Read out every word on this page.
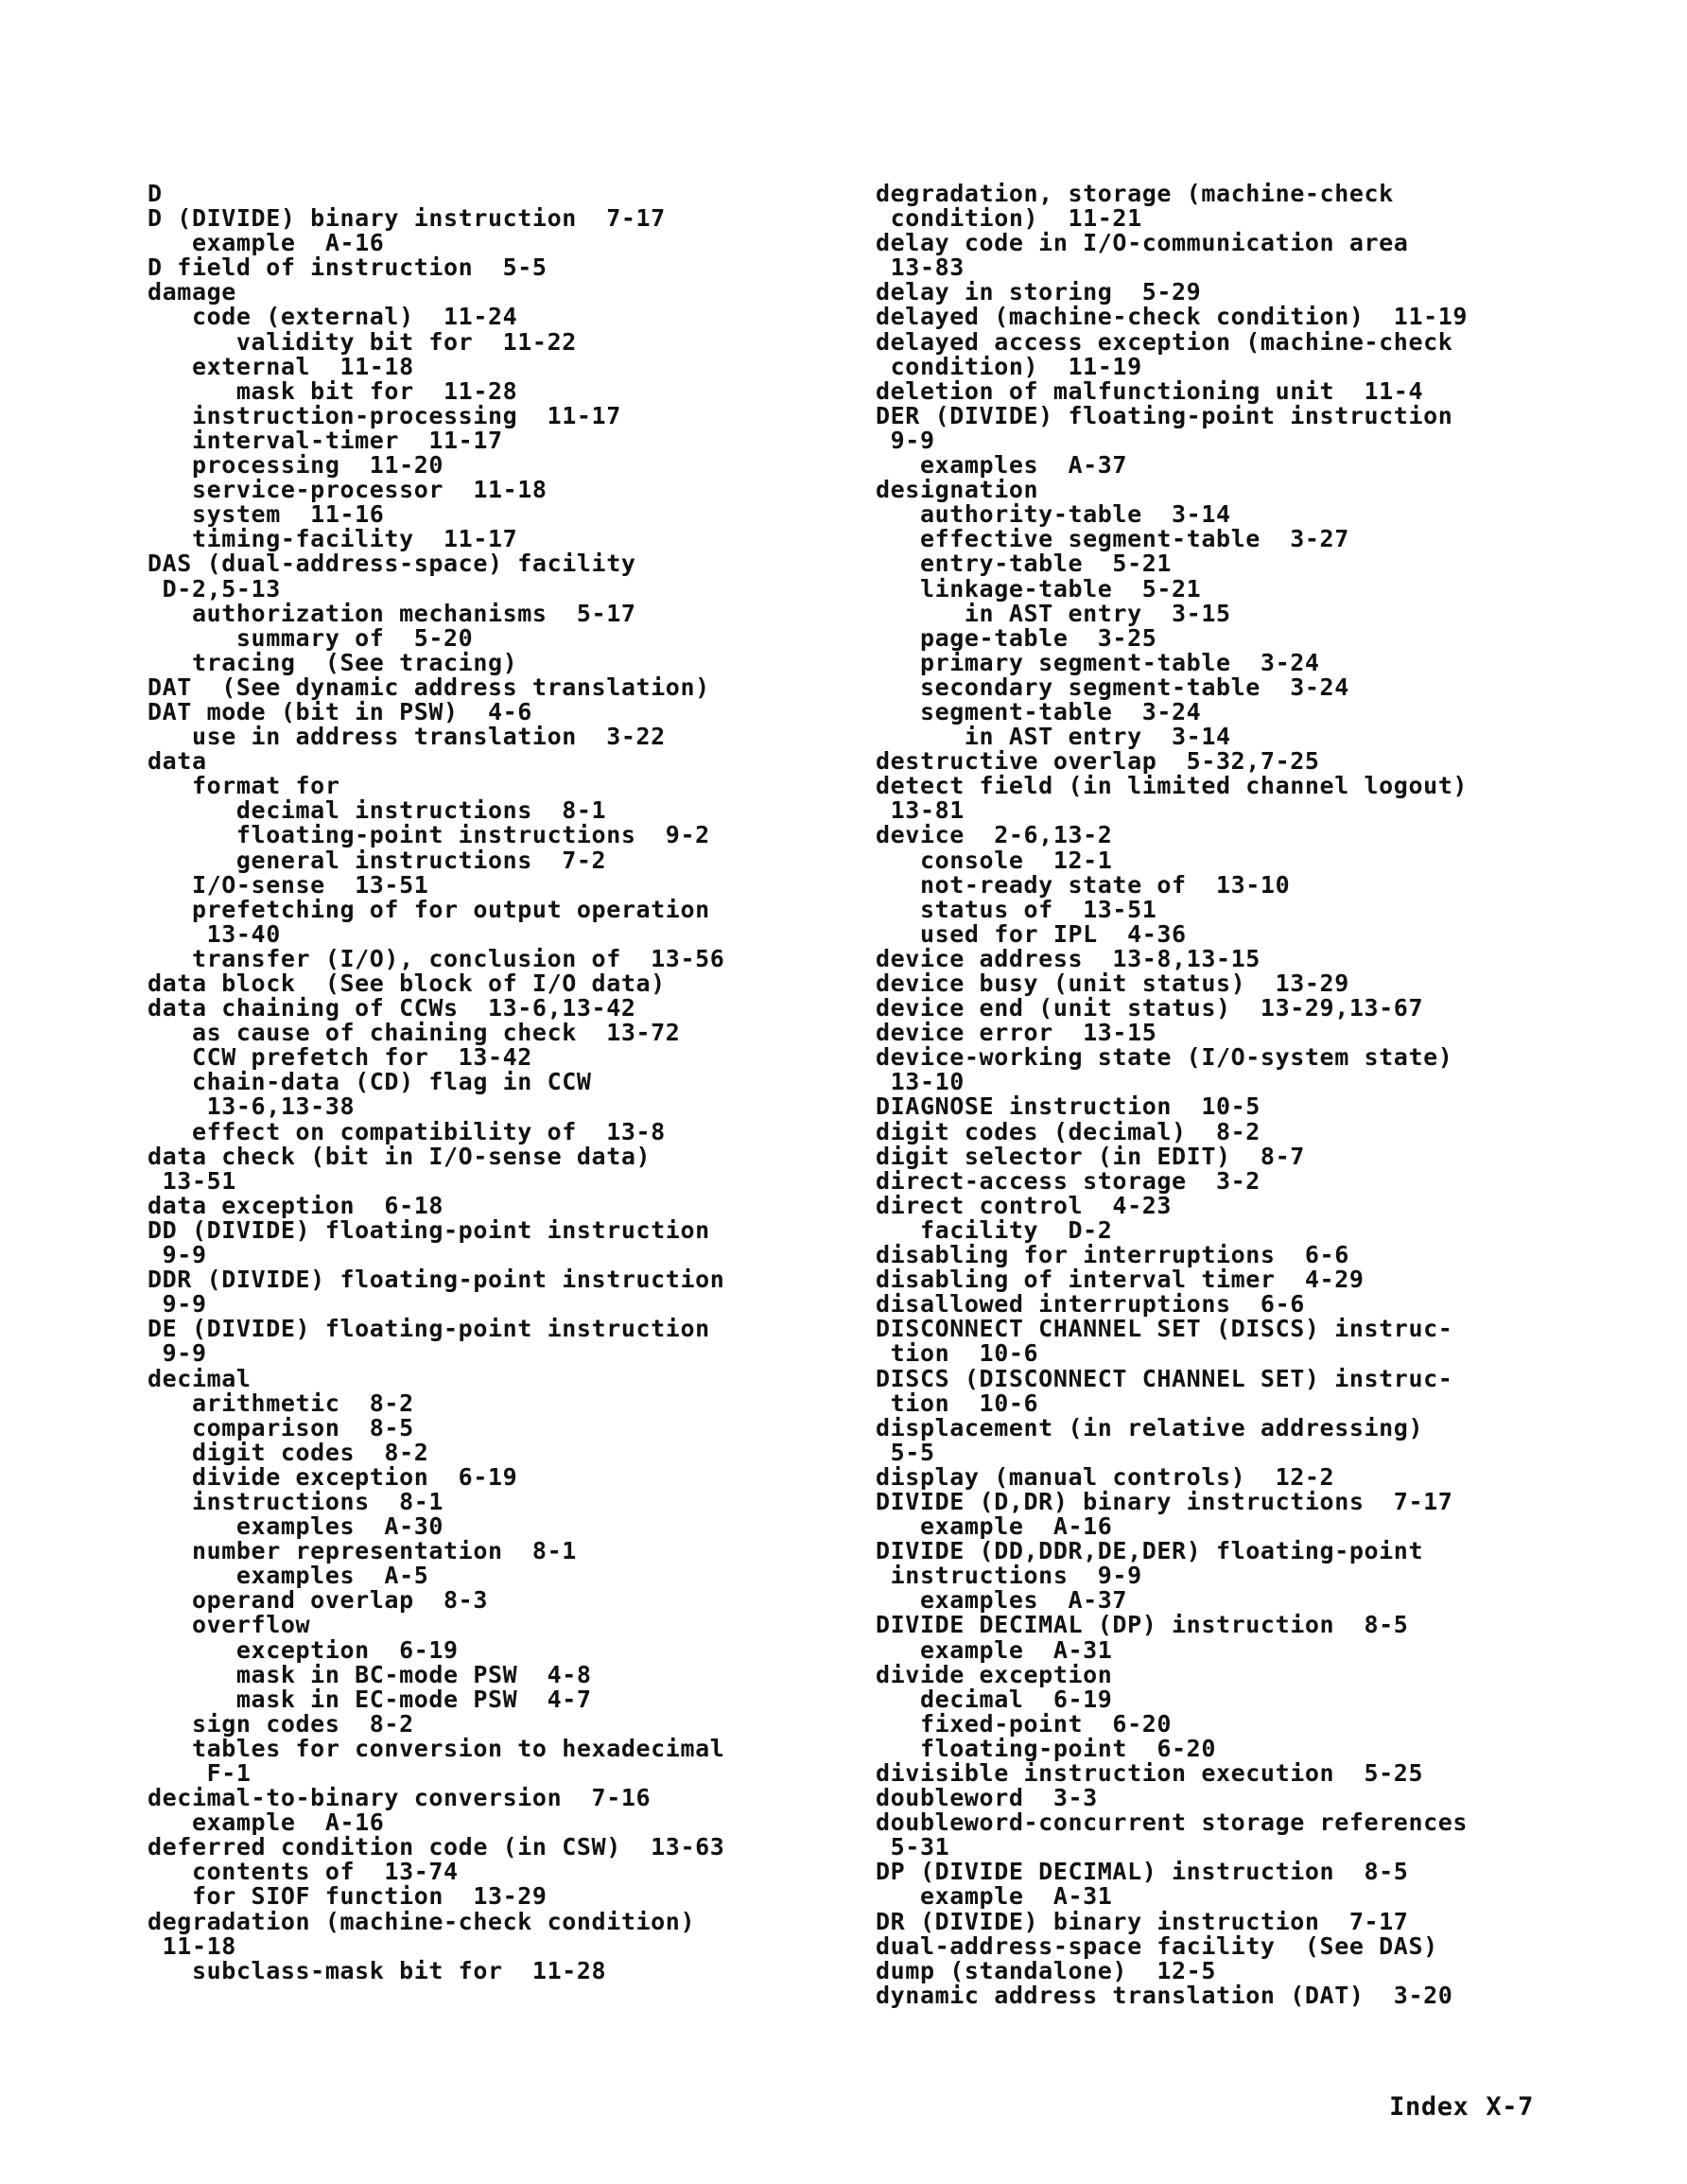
D
D (DIVIDE) binary instruction  7-17
example  A-16
D field of instruction  5-5
damage
code (external)  11-24
validity bit for  11-22
external  11-18
mask bit for  11-28
instruction-processing  11-17
interval-timer  11-17
processing  11-20
service-processor  11-18
system  11-16
timing-facility  11-17
DAS (dual-address-space) facility
D-2,5-13
authorization mechanisms  5-17
summary of  5-20
tracing  (See tracing)
DAT  (See dynamic address translation)
DAT mode (bit in PSW)  4-6
use in address translation  3-22
data
format for
decimal instructions  8-1
floating-point instructions  9-2
general instructions  7-2
I/O-sense  13-51
prefetching of for output operation
13-40
transfer (I/O), conclusion of  13-56
data block  (See block of I/O data)
data chaining of CCWs  13-6,13-42
as cause of chaining check  13-72
CCW prefetch for  13-42
chain-data (CD) flag in CCW
13-6,13-38
effect on compatibility of  13-8
data check (bit in I/O-sense data)
13-51
data exception  6-18
DD (DIVIDE) floating-point instruction
9-9
DDR (DIVIDE) floating-point instruction
9-9
DE (DIVIDE) floating-point instruction
9-9
decimal
arithmetic  8-2
comparison  8-5
digit codes  8-2
divide exception  6-19
instructions  8-1
examples  A-30
number representation  8-1
examples  A-5
operand overlap  8-3
overflow
exception  6-19
mask in BC-mode PSW  4-8
mask in EC-mode PSW  4-7
sign codes  8-2
tables for conversion to hexadecimal
F-1
decimal-to-binary conversion  7-16
example  A-16
deferred condition code (in CSW)  13-63
contents of  13-74
for SIOF function  13-29
degradation (machine-check condition)
11-18
subclass-mask bit for  11-28
degradation, storage (machine-check
condition)  11-21
delay code in I/O-communication area
13-83
delay in storing  5-29
delayed (machine-check condition)  11-19
delayed access exception (machine-check
condition)  11-19
deletion of malfunctioning unit  11-4
DER (DIVIDE) floating-point instruction
9-9
examples  A-37
designation
authority-table  3-14
effective segment-table  3-27
entry-table  5-21
linkage-table  5-21
in AST entry  3-15
page-table  3-25
primary segment-table  3-24
secondary segment-table  3-24
segment-table  3-24
in AST entry  3-14
destructive overlap  5-32,7-25
detect field (in limited channel logout)
13-81
device  2-6,13-2
console  12-1
not-ready state of  13-10
status of  13-51
used for IPL  4-36
device address  13-8,13-15
device busy (unit status)  13-29
device end (unit status)  13-29,13-67
device error  13-15
device-working state (I/O-system state)
13-10
DIAGNOSE instruction  10-5
digit codes (decimal)  8-2
digit selector (in EDIT)  8-7
direct-access storage  3-2
direct control  4-23
facility  D-2
disabling for interruptions  6-6
disabling of interval timer  4-29
disallowed interruptions  6-6
DISCONNECT CHANNEL SET (DISCS) instruc-
tion  10-6
DISCS (DISCONNECT CHANNEL SET) instruc-
tion  10-6
displacement (in relative addressing)
5-5
display (manual controls)  12-2
DIVIDE (D,DR) binary instructions  7-17
example  A-16
DIVIDE (DD,DDR,DE,DER) floating-point
instructions  9-9
examples  A-37
DIVIDE DECIMAL (DP) instruction  8-5
example  A-31
divide exception
decimal  6-19
fixed-point  6-20
floating-point  6-20
divisible instruction execution  5-25
doubleword  3-3
doubleword-concurrent storage references
5-31
DP (DIVIDE DECIMAL) instruction  8-5
example  A-31
DR (DIVIDE) binary instruction  7-17
dual-address-space facility  (See DAS)
dump (standalone)  12-5
dynamic address translation (DAT)  3-20

Index X-7
